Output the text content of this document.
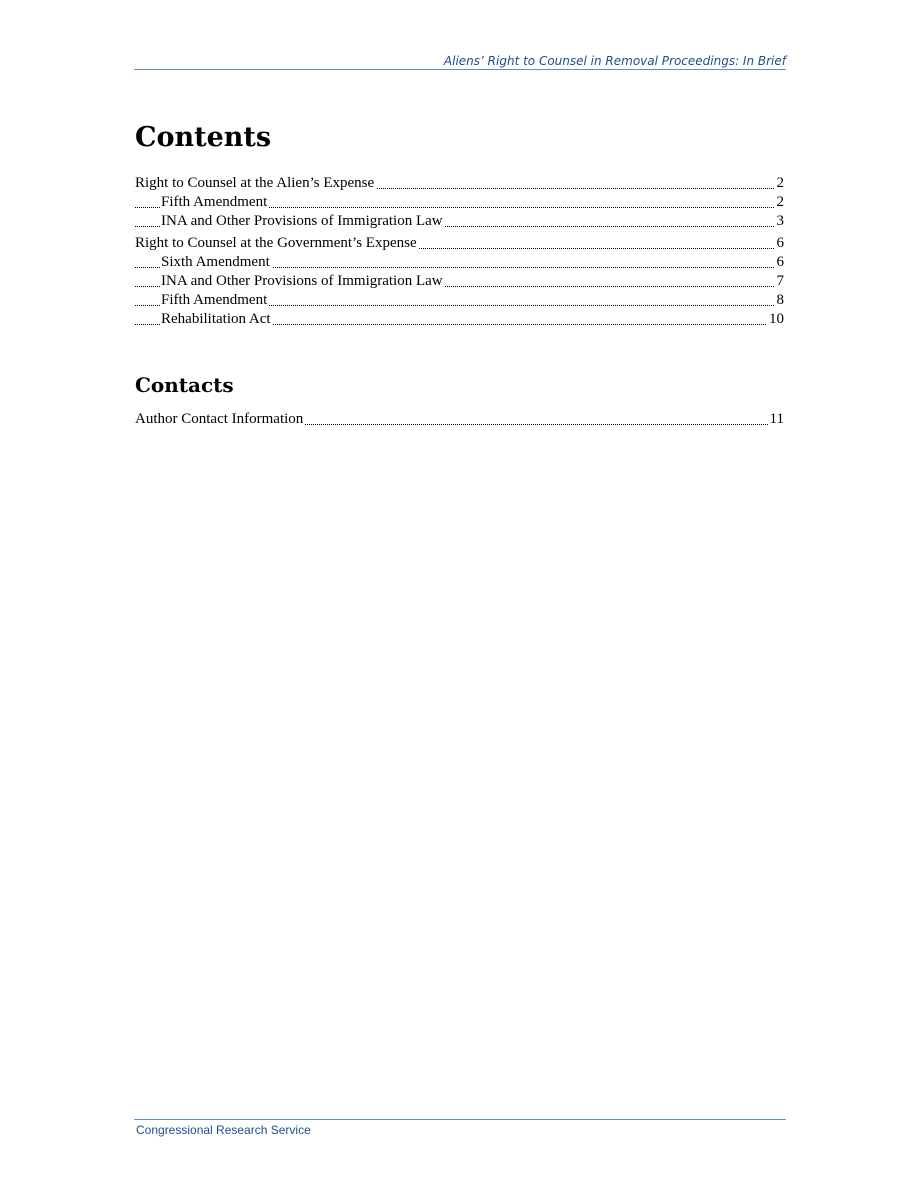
Aliens’ Right to Counsel in Removal Proceedings: In Brief
Contents
Right to Counsel at the Alien’s Expense	2
Fifth Amendment	2
INA and Other Provisions of Immigration Law	3
Right to Counsel at the Government’s Expense	6
Sixth Amendment	6
INA and Other Provisions of Immigration Law	7
Fifth Amendment	8
Rehabilitation Act	10
Contacts
Author Contact Information	11
Congressional Research Service
